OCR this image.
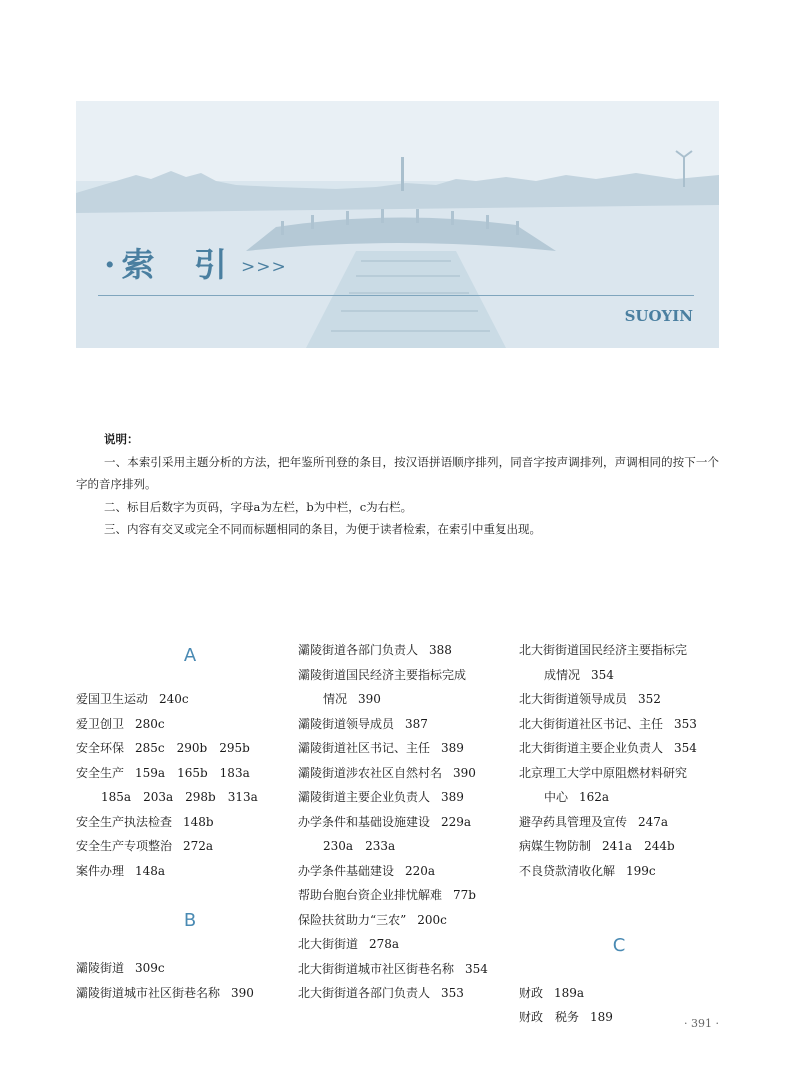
· 索 引>>>
SUOYIN
说明：

一、本索引采用主题分析的方法，把年鉴所刊登的条目，按汉语拼语顺序排列，同音字按声调排列，声调相同的按下一个字的音序排列。

二、标目后数字为页码，字母a为左栏，b为中栏，c为右栏。

三、内容有交叉或完全不同而标题相同的条目，为便于读者检索，在索引中重复出现。

A
爱国卫生运动 240c
爱卫创卫 280c
安全环保 285c 290b 295b
安全生产 159a 165b 183a
185a 203a 298b 313a
安全生产执法检查 148b
安全生产专项整治 272a
案件办理 148a
B
灞陵街道 309c
灞陵街道城市社区街巷名称 390
灞陵街道各部门负责人 388
灞陵街道国民经济主要指标完成
情况 390
灞陵街道领导成员 387
灞陵街道社区书记、主任 389
灞陵街道涉农社区自然村名 390
灞陵街道主要企业负责人 389
办学条件和基础设施建设 229a
230a 233a
办学条件基础建设 220a
帮助台胞台资企业排忧解难 77b
保险扶贫助力“三农” 200c
北大街街道 278a
北大街街道城市社区街巷名称 354
北大街街道各部门负责人 353
北大街街道国民经济主要指标完
成情况 354
北大街街道领导成员 352
北大街街道社区书记、主任 353
北大街街道主要企业负责人 354
北京理工大学中原阻燃材料研究
中心 162a
避孕药具管理及宣传 247a
病媒生物防制 241a 244b
不良贷款清收化解 199c
C
财政 189a
财政　税务 189	· 391 ·
